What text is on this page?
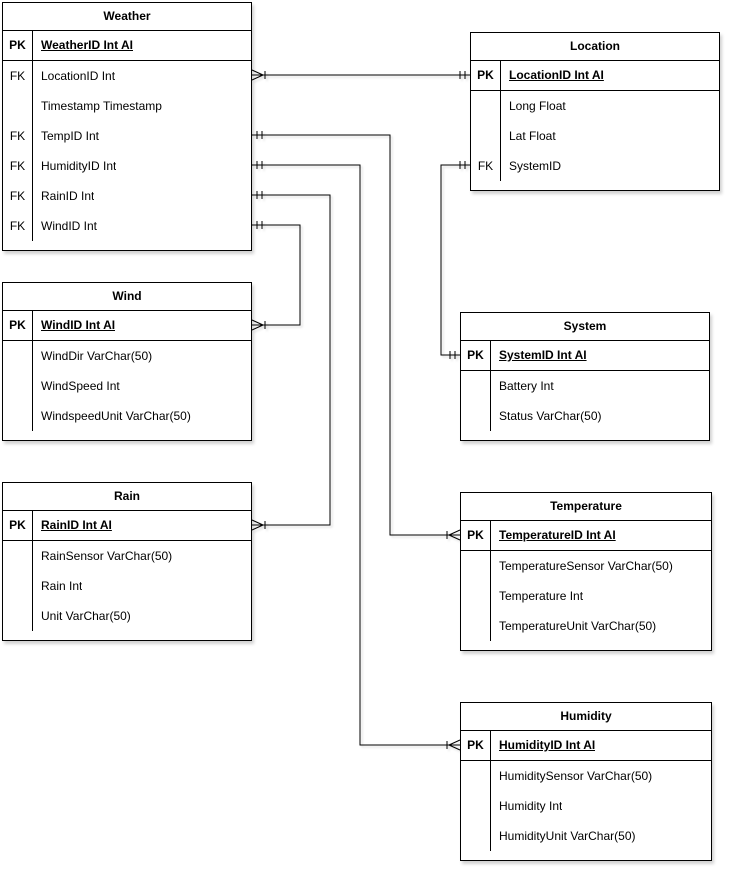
Weather
PK	WeatherID Int AI
FK	LocationID Int
Timestamp Timestamp
FK	TempID Int
FK	HumidityID Int
FK	RainID Int
FK	WindID Int
Location
PK	LocationID Int AI
Long Float
Lat Float
FK	SystemID
Wind
PK	WindID Int AI
WindDir VarChar(50)
WindSpeed Int
WindspeedUnit VarChar(50)
System
PK	SystemID Int AI
Battery Int
Status VarChar(50)
Rain
PK	RainID Int AI
RainSensor VarChar(50)
Rain Int
Unit VarChar(50)
Temperature
PK	TemperatureID Int AI
TemperatureSensor VarChar(50)
Temperature Int
TemperatureUnit VarChar(50)
Humidity
PK	HumidityID Int AI
HumiditySensor VarChar(50)
Humidity Int
HumidityUnit VarChar(50)
